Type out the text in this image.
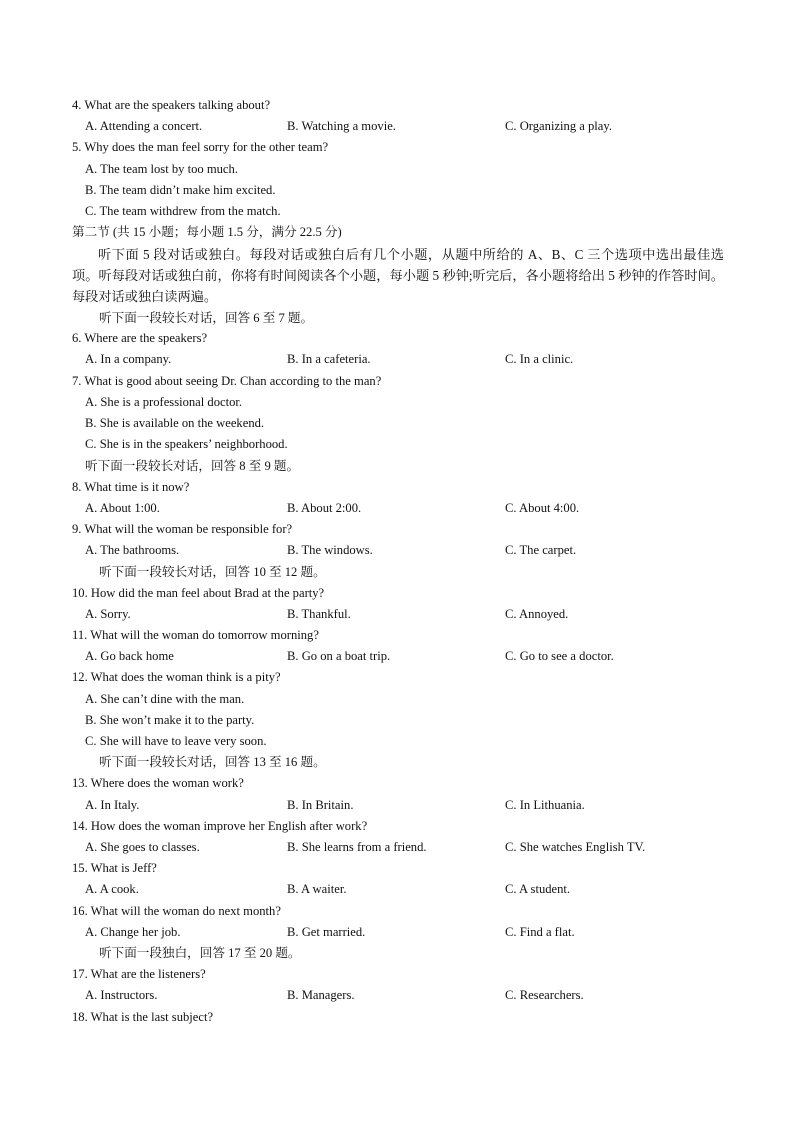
4. What are the speakers talking about?
A. Attending a concert.	B. Watching a movie.	C. Organizing a play.
5. Why does the man feel sorry for the other team?
A. The team lost by too much.
B. The team didn’t make him excited.
C. The team withdrew from the match.
第二节 (共 15 小题；每小题 1.5 分，满分 22.5 分)
听下面 5 段对话或独白。每段对话或独白后有几个小题，从题中所给的 A、B、C 三个选项中选出最佳选项。听每段对话或独白前，你将有时间阅读各个小题，每小题 5 秒钟;听完后，各小题将给出 5 秒钟的作答时间。每段对话或独白读两遍。
听下面一段较长对话，回答 6 至 7 题。
6. Where are the speakers?
A. In a company.	B. In a cafeteria.	C. In a clinic.
7. What is good about seeing Dr. Chan according to the man?
A. She is a professional doctor.
B. She is available on the weekend.
C. She is in the speakers’ neighborhood.
听下面一段较长对话，回答 8 至 9 题。
8. What time is it now?
A. About 1:00.	B. About 2:00.	C. About 4:00.
9. What will the woman be responsible for?
A. The bathrooms.	B. The windows.	C. The carpet.
听下面一段较长对话，回答 10 至 12 题。
10. How did the man feel about Brad at the party?
A. Sorry.	B. Thankful.	C. Annoyed.
11. What will the woman do tomorrow morning?
A. Go back home	B. Go on a boat trip.	C. Go to see a doctor.
12. What does the woman think is a pity?
A. She can’t dine with the man.
B. She won’t make it to the party.
C. She will have to leave very soon.
听下面一段较长对话，回答 13 至 16 题。
13. Where does the woman work?
A. In Italy.	B. In Britain.	C. In Lithuania.
14. How does the woman improve her English after work?
A. She goes to classes.	B. She learns from a friend.	C. She watches English TV.
15. What is Jeff?
A. A cook.	B. A waiter.	C. A student.
16. What will the woman do next month?
A. Change her job.	B. Get married.	C. Find a flat.
听下面一段独白，回答 17 至 20 题。
17. What are the listeners?
A. Instructors.	B. Managers.	C. Researchers.
18. What is the last subject?
